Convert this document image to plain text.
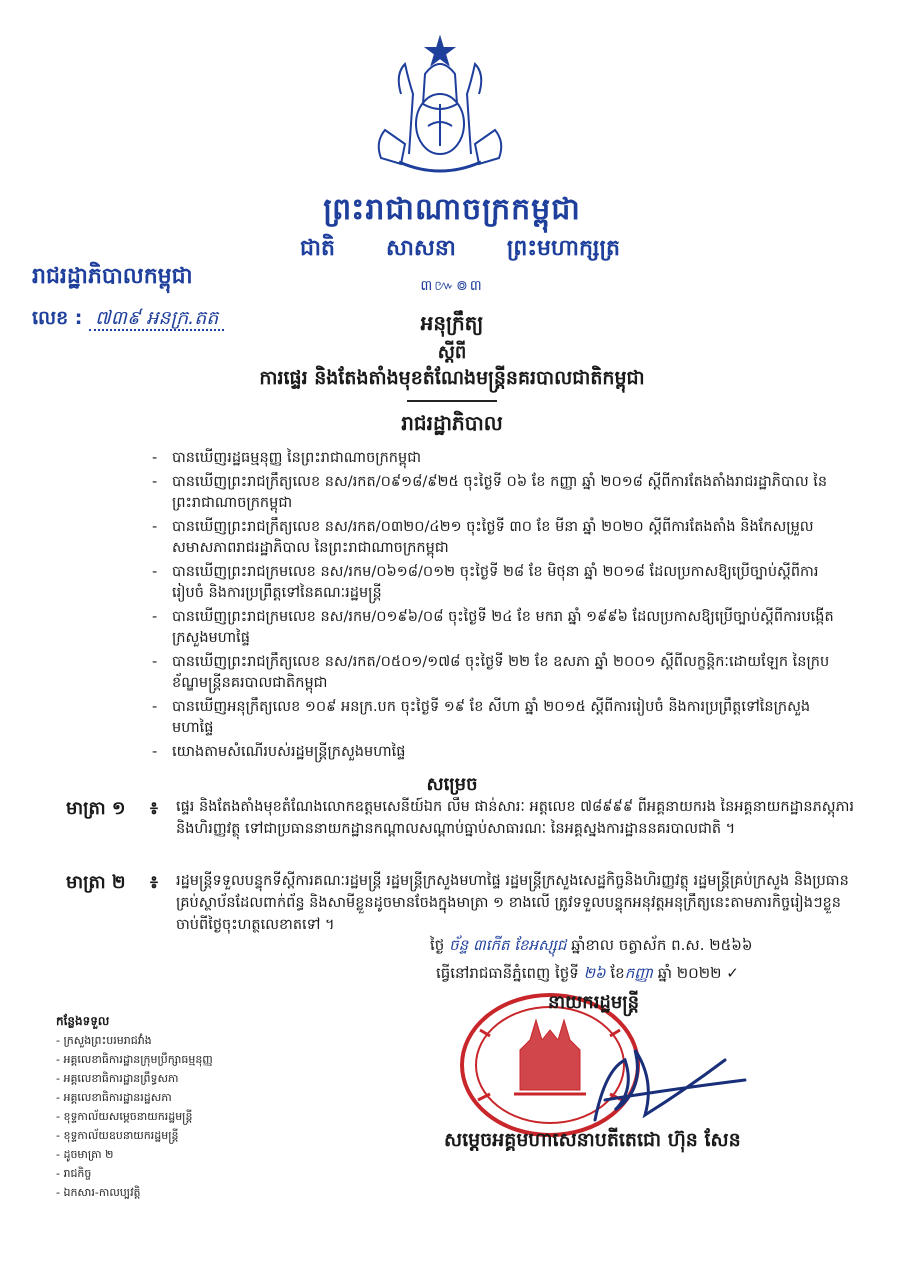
ព្រះរាជាណាចក្រកម្ពុជា
ជាតិ សាសនា ព្រះមហាក្សត្រ
៣៚៙៣
រាជរដ្ឋាភិបាលកម្ពុជា
លេខ : ៧៣៩ អនក្រ.តត	អនុក្រឹត្យ
ស្តីពី
ការផ្ទេរ និងតែងតាំងមុខតំណែងមន្ត្រីនគរបាលជាតិកម្ពុជា
រាជរដ្ឋាភិបាល
- បានឃើញរដ្ឋធម្មនុញ្ញ នៃព្រះរាជាណាចក្រកម្ពុជា
- បានឃើញព្រះរាជក្រឹត្យលេខ នស/រកត/០៩១៨/៩២៥ ចុះថ្ងៃទី ០៦ ខែ កញ្ញា ឆ្នាំ ២០១៨ ស្តីពីការតែងតាំងរាជរដ្ឋាភិបាល នៃព្រះរាជាណាចក្រកម្ពុជា
- បានឃើញព្រះរាជក្រឹត្យលេខ នស/រកត/០៣២០/៤២១ ចុះថ្ងៃទី ៣០ ខែ មីនា ឆ្នាំ ២០២០ ស្តីពីការតែងតាំង និងកែសម្រួលសមាសភាពរាជរដ្ឋាភិបាល នៃព្រះរាជាណាចក្រកម្ពុជា
- បានឃើញព្រះរាជក្រមលេខ នស/រកម/០៦១៨/០១២ ចុះថ្ងៃទី ២៨ ខែ មិថុនា ឆ្នាំ ២០១៨ ដែលប្រកាសឱ្យប្រើច្បាប់ស្តីពីការរៀបចំ និងការប្រព្រឹត្តទៅនៃគណៈរដ្ឋមន្ត្រី
- បានឃើញព្រះរាជក្រមលេខ នស/រកម/០១៩៦/០៨ ចុះថ្ងៃទី ២៤ ខែ មករា ឆ្នាំ ១៩៩៦ ដែលប្រកាសឱ្យប្រើច្បាប់ស្តីពីការបង្កើតក្រសួងមហាផ្ទៃ
- បានឃើញព្រះរាជក្រឹត្យលេខ នស/រកត/០៥០១/១៧៨ ចុះថ្ងៃទី ២២ ខែ ឧសភា ឆ្នាំ ២០០១ ស្តីពីលក្ខន្តិកៈដោយឡែក នៃក្របខ័ណ្ឌមន្ត្រីនគរបាលជាតិកម្ពុជា
- បានឃើញអនុក្រឹត្យលេខ ១០៩ អនក្រ.បក ចុះថ្ងៃទី ១៩ ខែ សីហា ឆ្នាំ ២០១៥ ស្តីពីការរៀបចំ និងការប្រព្រឹត្តទៅនៃក្រសួងមហាផ្ទៃ
- យោងតាមសំណើរបស់រដ្ឋមន្ត្រីក្រសួងមហាផ្ទៃ
សម្រេច
មាត្រា ១	៖	ផ្ទេរ និងតែងតាំងមុខតំណែងលោកឧត្តមសេនីយ៍ឯក លឹម ផាន់សារៈ អត្តលេខ ៧៨៩៩៩ ពីអគ្គនាយករង នៃអគ្គនាយកដ្ឋានភស្តុភារ និងហិរញ្ញវត្ថុ ទៅជាប្រធាននាយកដ្ឋានកណ្តាលសណ្តាប់ធ្នាប់សាធារណៈ នៃអគ្គស្នងការដ្ឋាននគរបាលជាតិ ។
មាត្រា ២	៖	រដ្ឋមន្ត្រីទទួលបន្ទុកទីស្តីការគណៈរដ្ឋមន្ត្រី រដ្ឋមន្ត្រីក្រសួងមហាផ្ទៃ រដ្ឋមន្ត្រីក្រសួងសេដ្ឋកិច្ចនិងហិរញ្ញវត្ថុ រដ្ឋមន្ត្រីគ្រប់ក្រសួង និងប្រធានគ្រប់ស្ថាប័នដែលពាក់ព័ន្ធ និងសាមីខ្លួនដូចមានចែងក្នុងមាត្រា ១ ខាងលើ ត្រូវទទួលបន្ទុកអនុវត្តអនុក្រឹត្យនេះតាមភារកិច្ចរៀងៗខ្លួនចាប់ពីថ្ងៃចុះហត្ថលេខាតទៅ ។
ថ្ងៃ ច័ន្ទ ៣កើត ខែអស្សុជ ឆ្នាំខាល ចត្វាស័ក ព.ស. ២៥៦៦
ធ្វើនៅរាជធានីភ្នំពេញ ថ្ងៃទី ២៦ ខែកញ្ញា ឆ្នាំ ២០២២ ✓
នាយករដ្ឋមន្ត្រី
សម្តេចអគ្គមហាសេនាបតីតេជោ ហ៊ុន សែន
កន្លែងទទួល
- ក្រសួងព្រះបរមរាជវាំង
- អគ្គលេខាធិការដ្ឋានក្រុមប្រឹក្សាធម្មនុញ្ញ
- អគ្គលេខាធិការដ្ឋានព្រឹទ្ធសភា
- អគ្គលេខាធិការដ្ឋានរដ្ឋសភា
- ខុទ្ទកាល័យសម្តេចនាយករដ្ឋមន្ត្រី
- ខុទ្ទកាល័យឧបនាយករដ្ឋមន្ត្រី
- ដូចមាត្រា ២
- រាជកិច្ច
- ឯកសារ-កាលប្បវត្តិ
